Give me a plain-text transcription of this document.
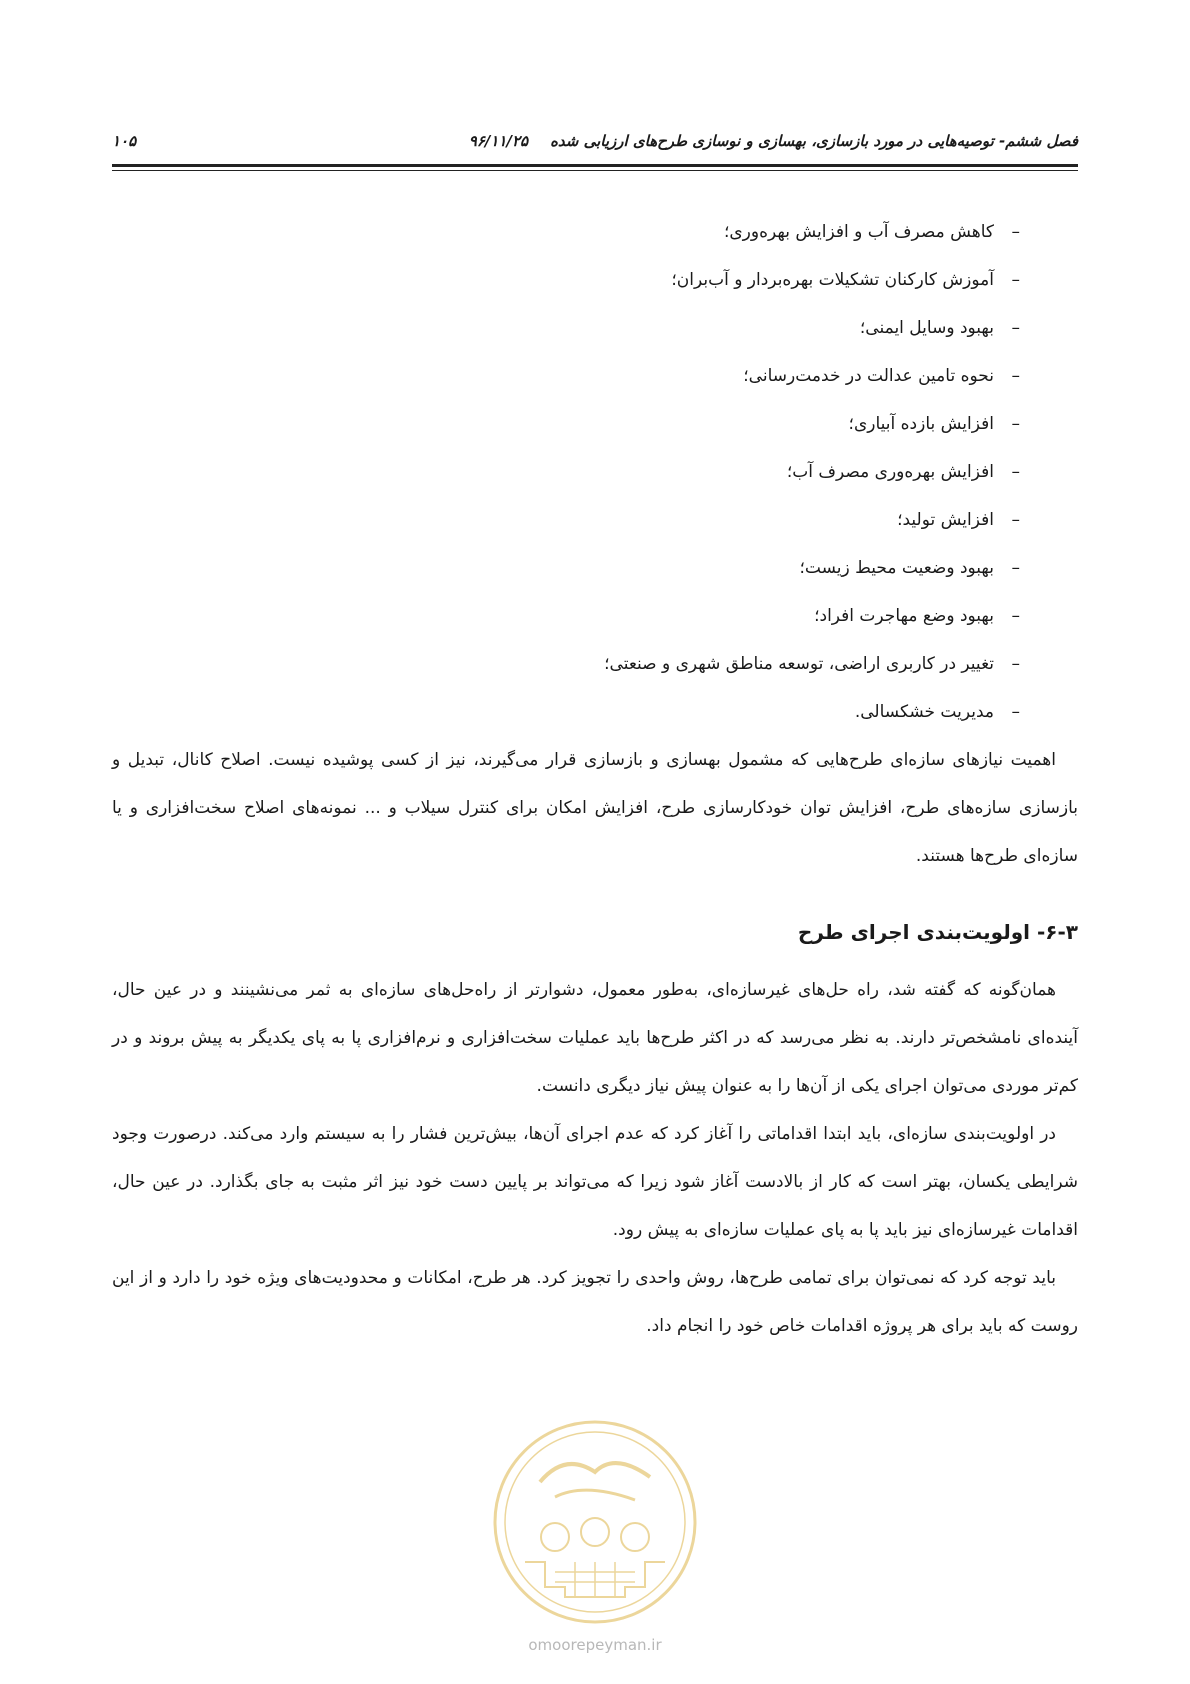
فصل ششم- توصیه‌هایی در مورد بازسازی، بهسازی و نوسازی طرح‌های ارزیابی شده۹۶/۱۱/۲۵
۱۰۵
–
کاهش مصرف آب و افزایش بهره‌وری؛
–
آموزش کارکنان تشکیلات بهره‌بردار و آب‌بران؛
–
بهبود وسایل ایمنی؛
–
نحوه تامین عدالت در خدمت‌رسانی؛
–
افزایش بازده آبیاری؛
–
افزایش بهره‌وری مصرف آب؛
–
افزایش تولید؛
–
بهبود وضعیت محیط زیست؛
–
بهبود وضع مهاجرت افراد؛
–
تغییر در کاربری اراضی، توسعه مناطق شهری و صنعتی؛
–
مدیریت خشکسالی.

اهمیت نیازهای سازه‌ای طرح‌هایی که مشمول بهسازی و بازسازی قرار می‌گیرند، نیز از کسی پوشیده نیست. اصلاح کانال، تبدیل و بازسازی سازه‌های طرح، افزایش توان خودکارسازی طرح، افزایش امکان برای کنترل سیلاب و ... نمونه‌های اصلاح سخت‌افزاری و یا سازه‌ای طرح‌ها هستند.

۶-۳- اولویت‌بندی اجرای طرح

همان‌گونه که گفته شد، راه حل‌های غیرسازه‌ای، به‌طور معمول، دشوارتر از راه‌حل‌های سازه‌ای به ثمر می‌نشینند و در عین حال، آینده‌ای نامشخص‌تر دارند. به نظر می‌رسد که در اکثر طرح‌ها باید عملیات سخت‌افزاری و نرم‌افزاری پا به پای یکدیگر به پیش بروند و در کم‌تر موردی می‌توان اجرای یکی از آن‌ها را به عنوان پیش نیاز دیگری دانست.

در اولویت‌بندی سازه‌ای، باید ابتدا اقداماتی را آغاز کرد که عدم اجرای آن‌ها، بیش‌ترین فشار را به سیستم وارد می‌کند. درصورت وجود شرایطی یکسان، بهتر است که کار از بالادست آغاز شود زیرا که می‌تواند بر پایین دست خود نیز اثر مثبت به جای بگذارد. در عین حال، اقدامات غیرسازه‌ای نیز باید پا به پای عملیات سازه‌ای به پیش رود.

باید توجه کرد که نمی‌توان برای تمامی طرح‌ها، روش واحدی را تجویز کرد. هر طرح، امکانات و محدودیت‌های ویژه خود را دارد و از این روست که باید برای هر پروژه اقدامات خاص خود را انجام داد.

omoorepeyman.ir
